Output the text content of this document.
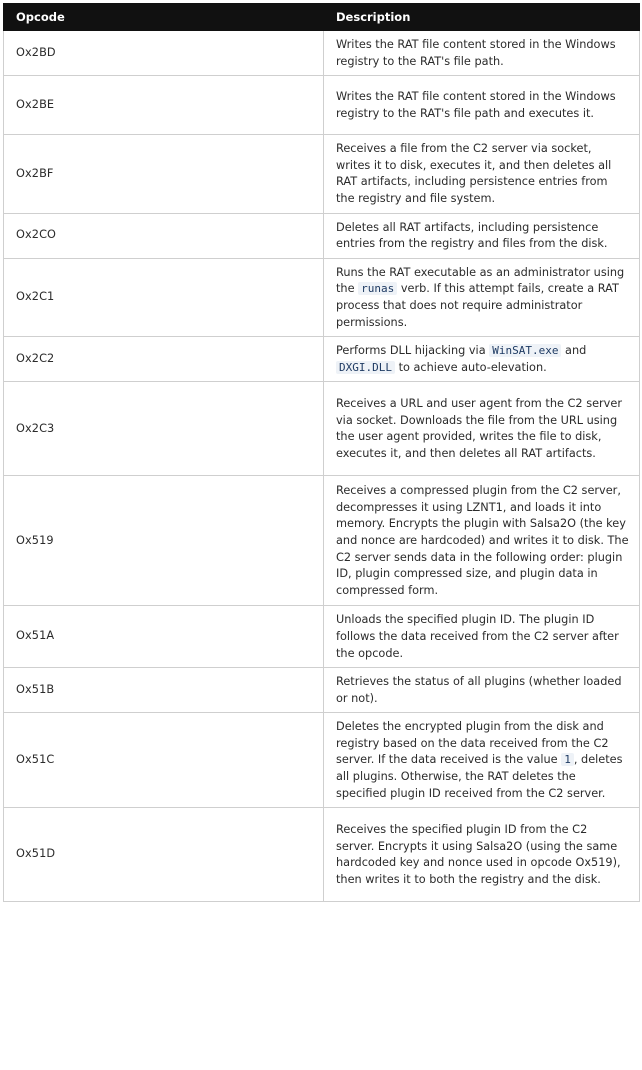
Opcode	Description
Ox2BD	Writes the RAT file content stored in the Windows registry to the RAT's file path.
Ox2BE	Writes the RAT file content stored in the Windows registry to the RAT's file path and executes it.
Ox2BF	Receives a file from the C2 server via socket, writes it to disk, executes it, and then deletes all RAT artifacts, including persistence entries from the registry and file system.
Ox2CO	Deletes all RAT artifacts, including persistence entries from the registry and files from the disk.
Ox2C1	Runs the RAT executable as an administrator using the runas verb. If this attempt fails, create a RAT process that does not require administrator permissions.
Ox2C2	Performs DLL hijacking via WinSAT.exe and DXGI.DLL to achieve auto-elevation.
Ox2C3	Receives a URL and user agent from the C2 server via socket. Downloads the file from the URL using the user agent provided, writes the file to disk, executes it, and then deletes all RAT artifacts.
Ox519	Receives a compressed plugin from the C2 server, decompresses it using LZNT1, and loads it into memory. Encrypts the plugin with Salsa2O (the key and nonce are hardcoded) and writes it to disk. The C2 server sends data in the following order: plugin ID, plugin compressed size, and plugin data in compressed form.
Ox51A	Unloads the specified plugin ID. The plugin ID follows the data received from the C2 server after the opcode.
Ox51B	Retrieves the status of all plugins (whether loaded or not).
Ox51C	Deletes the encrypted plugin from the disk and registry based on the data received from the C2 server. If the data received is the value 1 , deletes all plugins. Otherwise, the RAT deletes the specified plugin ID received from the C2 server.
Ox51D	Receives the specified plugin ID from the C2 server. Encrypts it using Salsa2O (using the same hardcoded key and nonce used in opcode Ox519), then writes it to both the registry and the disk.
